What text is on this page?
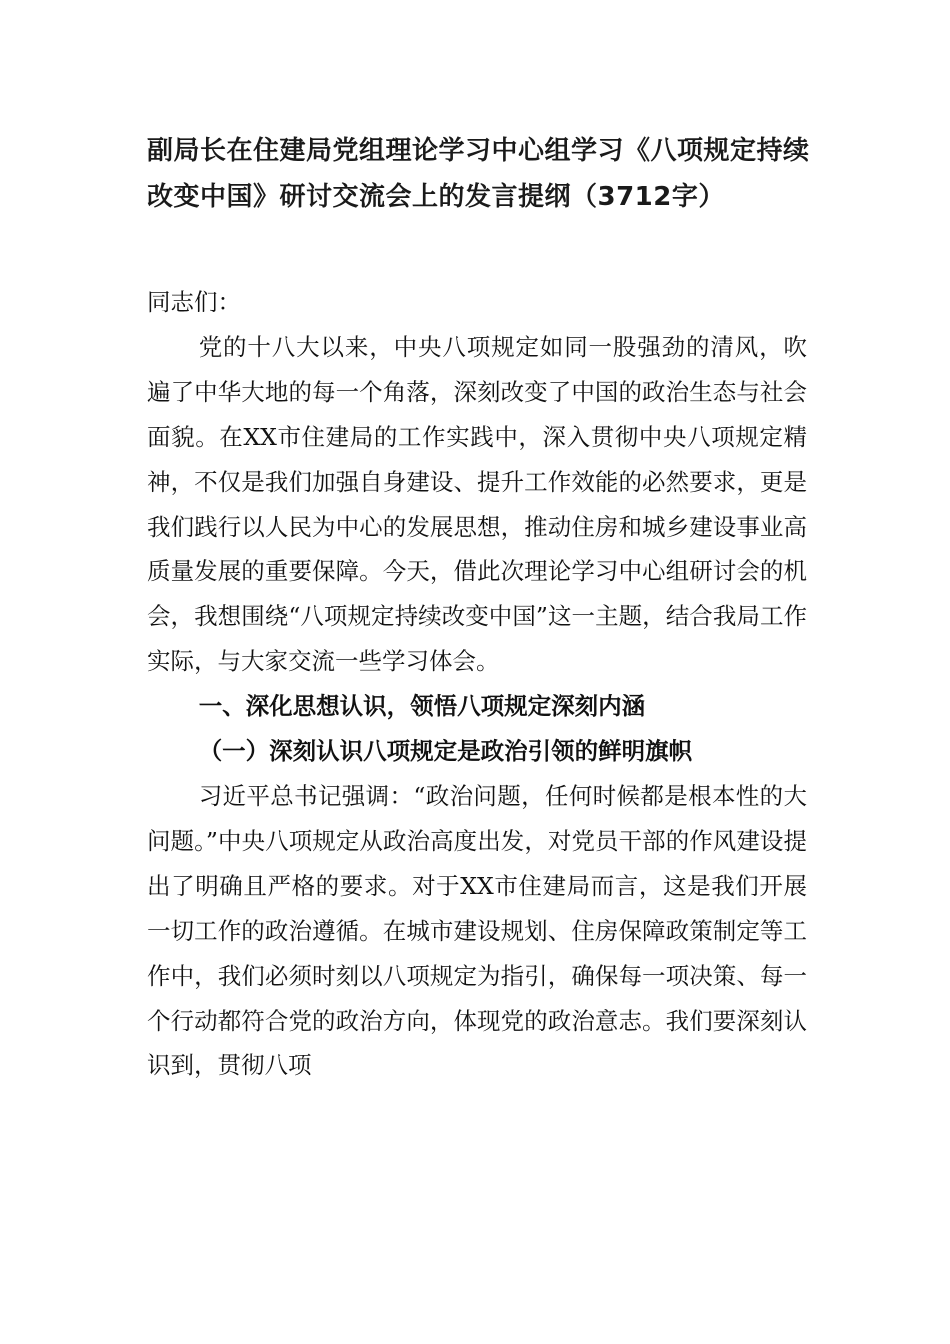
副局长在住建局党组理论学习中心组学习《八项规定持续改变中国》研讨交流会上的发言提纲（3712字）

同志们：

党的十八大以来，中央八项规定如同一股强劲的清风，吹遍了中华大地的每一个角落，深刻改变了中国的政治生态与社会面貌。在XX市住建局的工作实践中，深入贯彻中央八项规定精神，不仅是我们加强自身建设、提升工作效能的必然要求，更是我们践行以人民为中心的发展思想，推动住房和城乡建设事业高质量发展的重要保障。今天，借此次理论学习中心组研讨会的机会，我想围绕“八项规定持续改变中国”这一主题，结合我局工作实际，与大家交流一些学习体会。

一、深化思想认识，领悟八项规定深刻内涵

（一）深刻认识八项规定是政治引领的鲜明旗帜

习近平总书记强调：“政治问题，任何时候都是根本性的大问题。”中央八项规定从政治高度出发，对党员干部的作风建设提出了明确且严格的要求。对于XX市住建局而言，这是我们开展一切工作的政治遵循。在城市建设规划、住房保障政策制定等工作中，我们必须时刻以八项规定为指引，确保每一项决策、每一个行动都符合党的政治方向，体现党的政治意志。我们要深刻认识到，贯彻八项
